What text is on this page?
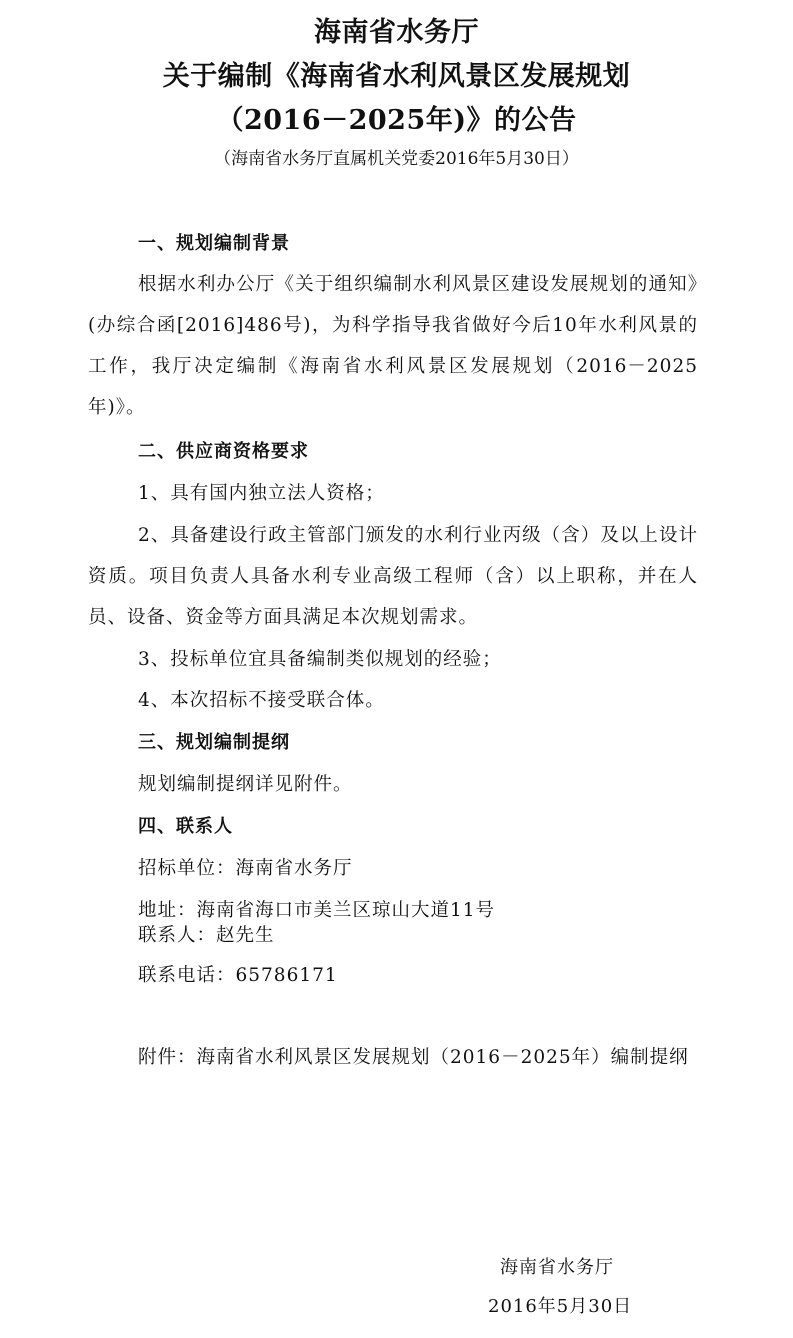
海南省水务厅
关于编制《海南省水利风景区发展规划
（2016－2025年)》的公告
（海南省水务厅直属机关党委2016年5月30日）
一、规划编制背景
根据水利办公厅《关于组织编制水利风景区建设发展规划的通知》(办综合函[2016]486号)，为科学指导我省做好今后10年水利风景的工作，我厅决定编制《海南省水利风景区发展规划（2016－2025年)》。
二、供应商资格要求
1、具有国内独立法人资格；
2、具备建设行政主管部门颁发的水利行业丙级（含）及以上设计资质。项目负责人具备水利专业高级工程师（含）以上职称，并在人员、设备、资金等方面具满足本次规划需求。
3、投标单位宜具备编制类似规划的经验；
4、本次招标不接受联合体。
三、规划编制提纲
规划编制提纲详见附件。
四、联系人
招标单位：海南省水务厅
地址：海南省海口市美兰区琼山大道11号
联系人：赵先生
联系电话：65786171
附件：海南省水利风景区发展规划（2016－2025年）编制提纲
海南省水务厅
2016年5月30日
